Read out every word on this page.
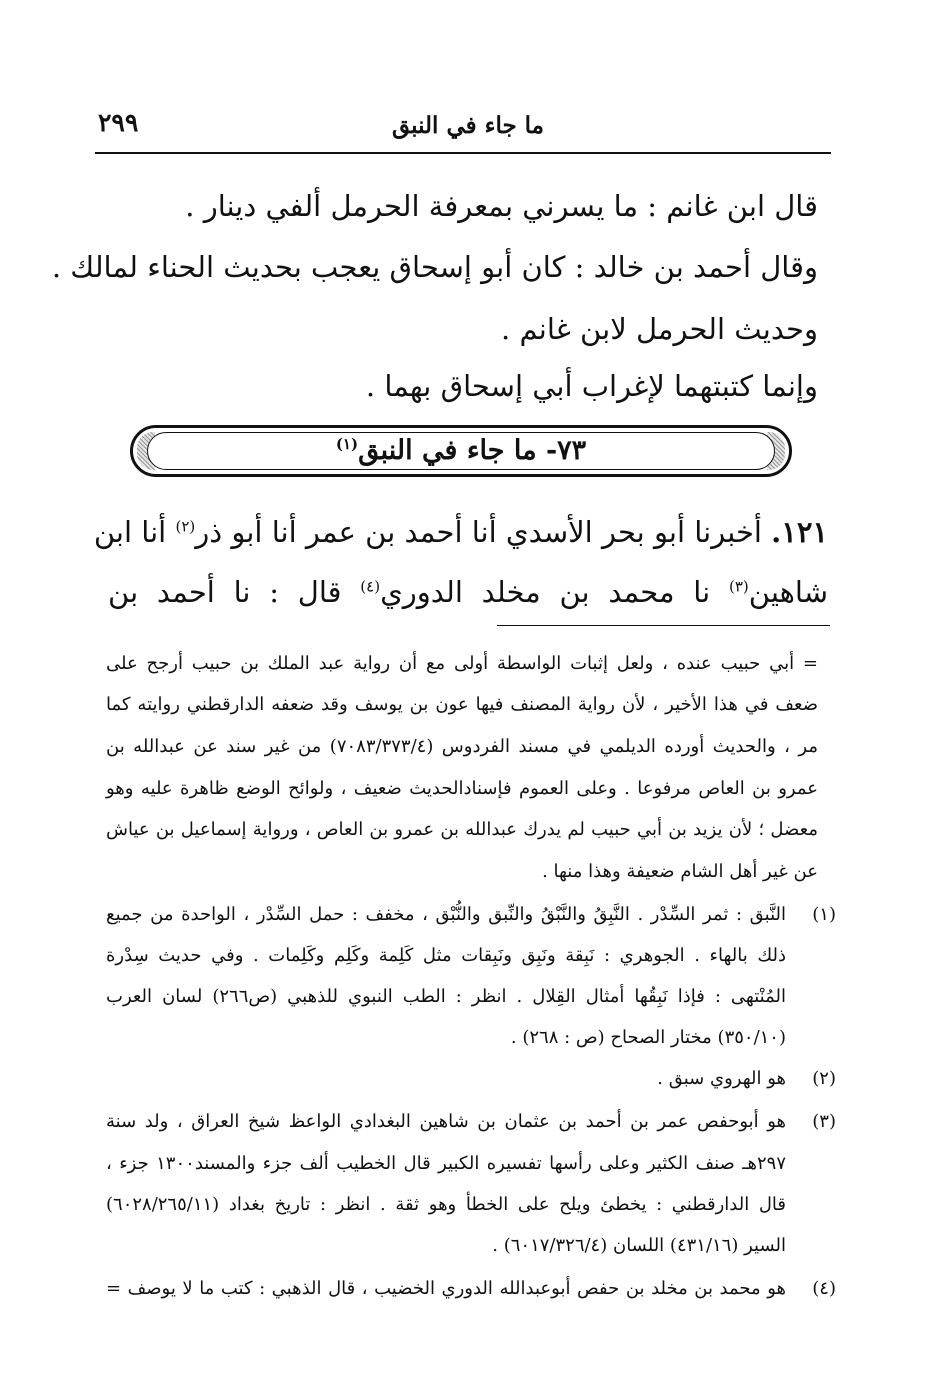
ما جاء في النبق
٢٩٩
قال ابن غانم : ما يسرني بمعرفة الحرمل ألفي دينار .
وقال أحمد بن خالد : كان أبو إسحاق يعجب بحديث الحناء لمالك .
وحديث الحرمل لابن غانم .
وإنما كتبتهما لإغراب أبي إسحاق بهما .
٧٣- ما جاء في النبق$^{(١)}$
١٢١. أخبرنا أبو بحر الأسدي أنا أحمد بن عمر أنا أبو ذر$^{(٢)}$ أنا ابن
شاهين$^{(٣)}$ نا محمد بن مخلد الدوري$^{(٤)}$ قال : نا أحمد بن
= أبي حبيب عنده ، ولعل إثبات الواسطة أولى مع أن رواية عبد الملك بن حبيب أرجح على
ضعف في هذا الأخير ، لأن رواية المصنف فيها عون بن يوسف وقد ضعفه الدارقطني روايته كما
مر ، والحديث أورده الديلمي في مسند الفردوس (٧٠٨٣/٣٧٣/٤) من غير سند عن عبدالله بن
عمرو بن العاص مرفوعا . وعلى العموم فإسنادالحديث ضعيف ، ولوائح الوضع ظاهرة عليه وهو
معضل ؛ لأن يزيد بن أبي حبيب لم يدرك عبدالله بن عمرو بن العاص ، ورواية إسماعيل بن عياش
عن غير أهل الشام ضعيفة وهذا منها .
(١)
النَّبق : ثمر السِّدْر . النَّبِقُ والنَّبْقُ والنِّبق والنُّبْق ، مخفف : حمل السِّدْر ، الواحدة من جميع
ذلك بالهاء . الجوهري : نَبِقة ونَبِق ونَبِقات مثل كَلِمة وكَلِم وكَلِمات . وفي حديث سِدْرة
المُنْتهى : فإذا نَبِقُها أمثال القِلال . انظر : الطب النبوي للذهبي (ص٢٦٦) لسان العرب
(٣٥٠/١٠) مختار الصحاح (ص : ٢٦٨) .
(٢)
هو الهروي سبق .
(٣)
هو أبوحفص عمر بن أحمد بن عثمان بن شاهين البغدادي الواعظ شيخ العراق ، ولد سنة
٢٩٧هـ صنف الكثير وعلى رأسها تفسيره الكبير قال الخطيب ألف جزء والمسند١٣٠٠ جزء ،
قال الدارقطني : يخطئ ويلح على الخطأ وهو ثقة . انظر : تاريخ بغداد (٦٠٢٨/٢٦٥/١١)
السير (٤٣١/١٦) اللسان (٦٠١٧/٣٢٦/٤) .
(٤)
هو محمد بن مخلد بن حفص أبوعبدالله الدوري الخضيب ، قال الذهبي : كتب ما لا يوصف =
